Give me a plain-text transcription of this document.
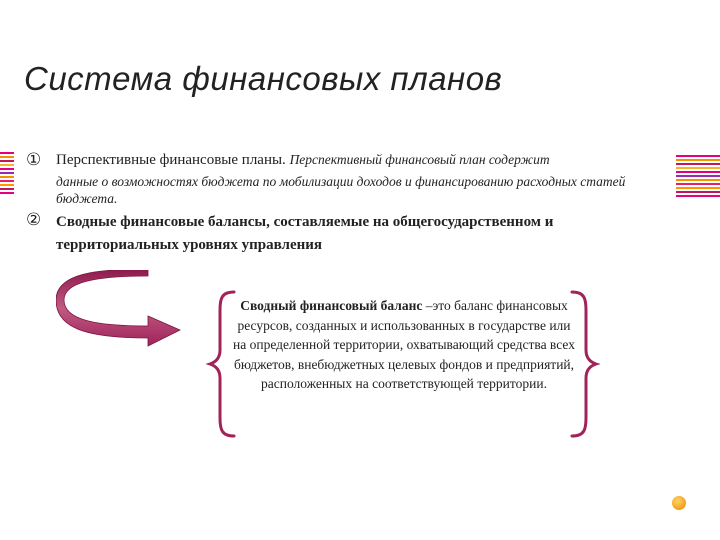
Система финансовых планов
① Перспективные финансовые планы. Перспективный финансовый план содержит
данные о возможностях бюджета по мобилизации доходов и финансированию расходных статей бюджета.
② Сводные финансовые балансы, составляемые на общегосударственном и территориальных уровнях управления
Сводный финансовый баланс –это баланс финансовых ресурсов, созданных и использованных в государстве или на определенной территории, охватывающий средства всех бюджетов, внебюджетных целевых фондов и предприятий, расположенных на соответствующей территории.
